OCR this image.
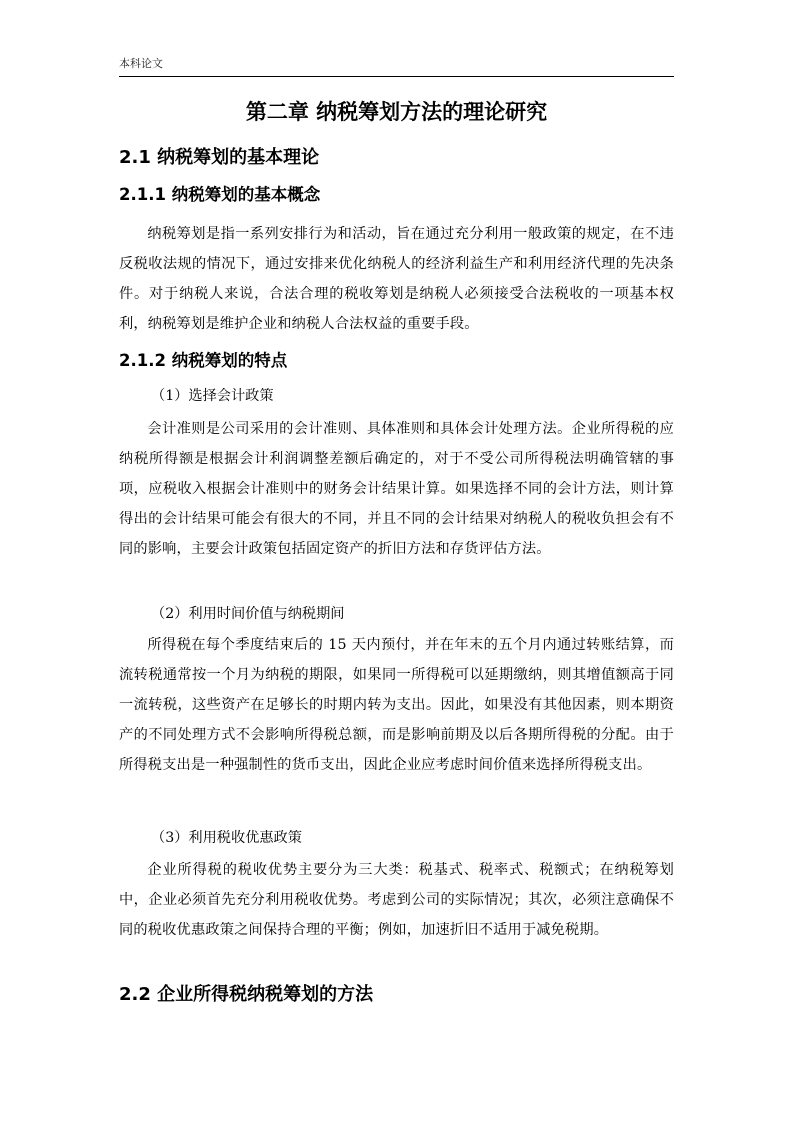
本科论文
第二章 纳税筹划方法的理论研究
2.1 纳税筹划的基本理论
2.1.1 纳税筹划的基本概念
纳税筹划是指一系列安排行为和活动，旨在通过充分利用一般政策的规定，在不违反税收法规的情况下，通过安排来优化纳税人的经济利益生产和利用经济代理的先决条件。对于纳税人来说，合法合理的税收筹划是纳税人必须接受合法税收的一项基本权利，纳税筹划是维护企业和纳税人合法权益的重要手段。
2.1.2 纳税筹划的特点
（1）选择会计政策
会计准则是公司采用的会计准则、具体准则和具体会计处理方法。企业所得税的应纳税所得额是根据会计利润调整差额后确定的，对于不受公司所得税法明确管辖的事项，应税收入根据会计准则中的财务会计结果计算。如果选择不同的会计方法，则计算得出的会计结果可能会有很大的不同，并且不同的会计结果对纳税人的税收负担会有不同的影响，主要会计政策包括固定资产的折旧方法和存货评估方法。
（2）利用时间价值与纳税期间
所得税在每个季度结束后的 15 天内预付，并在年末的五个月内通过转账结算，而流转税通常按一个月为纳税的期限，如果同一所得税可以延期缴纳，则其增值额高于同一流转税，这些资产在足够长的时期内转为支出。因此，如果没有其他因素，则本期资产的不同处理方式不会影响所得税总额，而是影响前期及以后各期所得税的分配。由于所得税支出是一种强制性的货币支出，因此企业应考虑时间价值来选择所得税支出。
（3）利用税收优惠政策
企业所得税的税收优势主要分为三大类：税基式、税率式、税额式；在纳税筹划中，企业必须首先充分利用税收优势。考虑到公司的实际情况；其次，必须注意确保不同的税收优惠政策之间保持合理的平衡；例如，加速折旧不适用于减免税期。
2.2 企业所得税纳税筹划的方法
